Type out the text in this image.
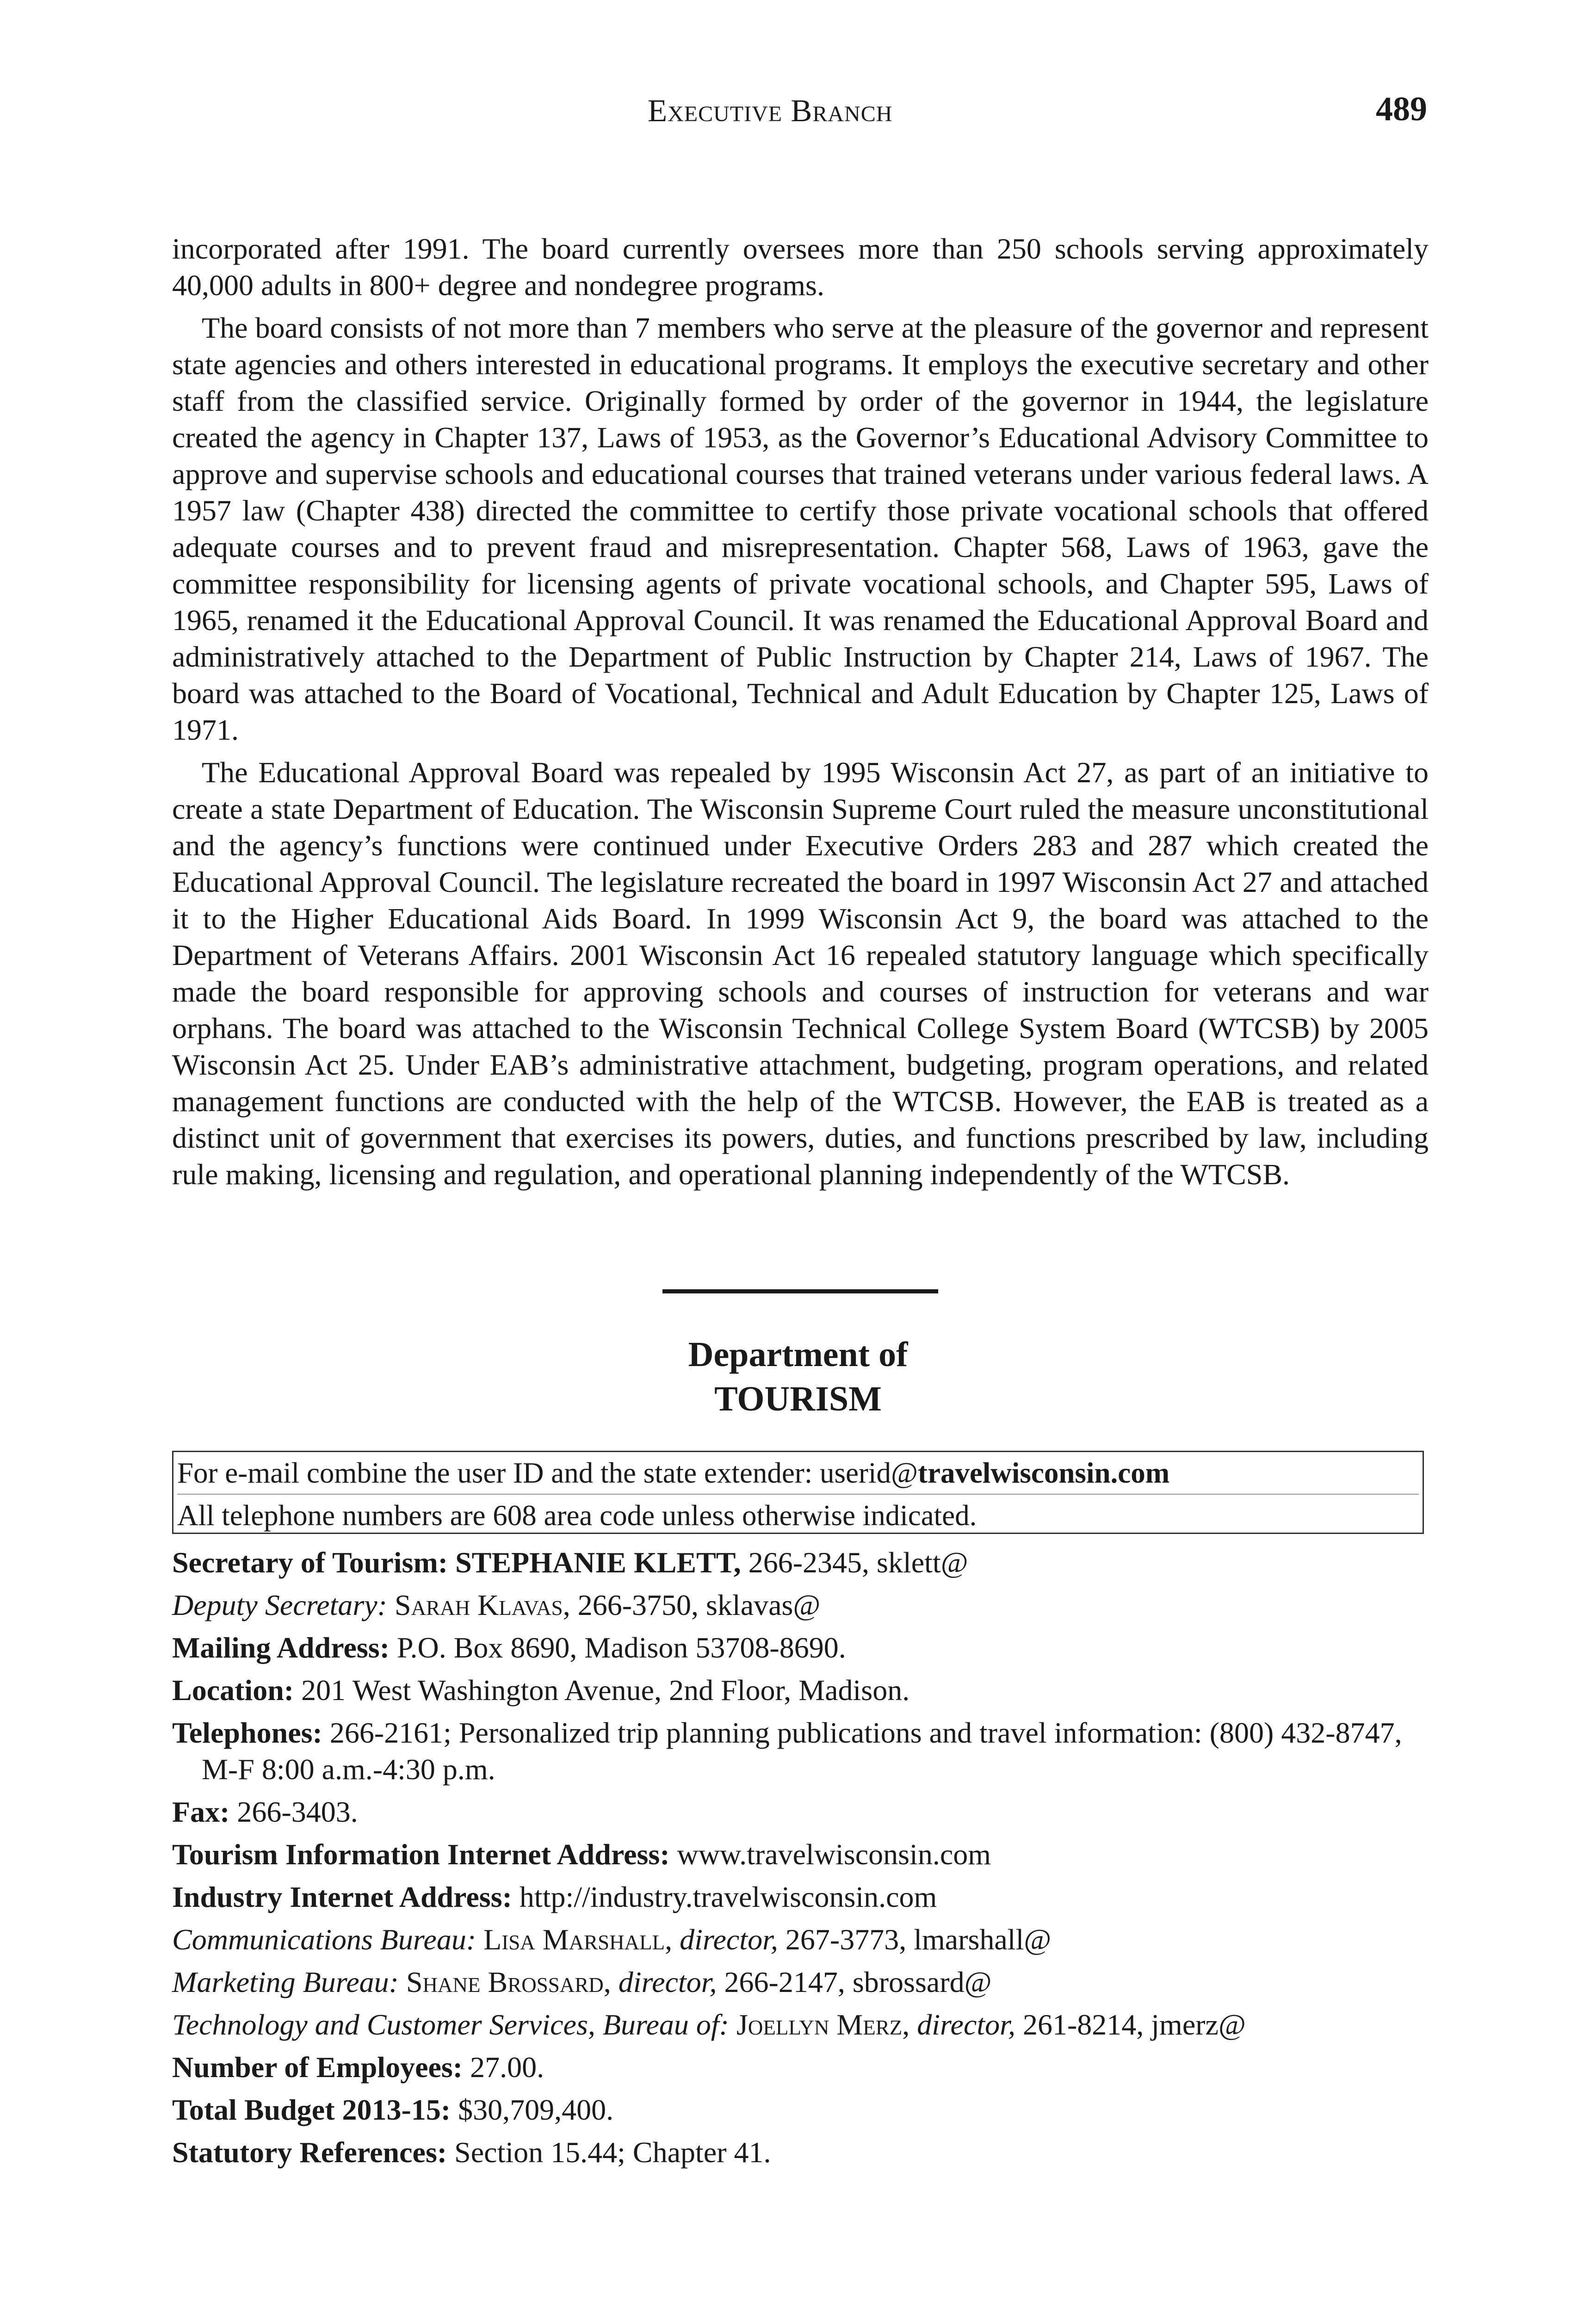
Executive Branch	489

incorporated after 1991. The board currently oversees more than 250 schools serving approximately 40,000 adults in 800+ degree and nondegree programs.

The board consists of not more than 7 members who serve at the pleasure of the governor and represent state agencies and others interested in educational programs. It employs the executive secretary and other staff from the classified service. Originally formed by order of the governor in 1944, the legislature created the agency in Chapter 137, Laws of 1953, as the Governor’s Educational Advisory Committee to approve and supervise schools and educational courses that trained veterans under various federal laws. A 1957 law (Chapter 438) directed the committee to certify those private vocational schools that offered adequate courses and to prevent fraud and misrepresentation. Chapter 568, Laws of 1963, gave the committee responsibility for licensing agents of private vocational schools, and Chapter 595, Laws of 1965, renamed it the Educational Approval Council. It was renamed the Educational Approval Board and administratively attached to the Department of Public Instruction by Chapter 214, Laws of 1967. The board was attached to the Board of Vocational, Technical and Adult Education by Chapter 125, Laws of 1971.

The Educational Approval Board was repealed by 1995 Wisconsin Act 27, as part of an initiative to create a state Department of Education. The Wisconsin Supreme Court ruled the measure unconstitutional and the agency’s functions were continued under Executive Orders 283 and 287 which created the Educational Approval Council. The legislature recreated the board in 1997 Wisconsin Act 27 and attached it to the Higher Educational Aids Board. In 1999 Wisconsin Act 9, the board was attached to the Department of Veterans Affairs. 2001 Wisconsin Act 16 repealed statutory language which specifically made the board responsible for approving schools and courses of instruction for veterans and war orphans. The board was attached to the Wisconsin Technical College System Board (WTCSB) by 2005 Wisconsin Act 25. Under EAB’s administrative attachment, budgeting, program operations, and related management functions are conducted with the help of the WTCSB. However, the EAB is treated as a distinct unit of government that exercises its powers, duties, and functions prescribed by law, including rule making, licensing and regulation, and operational planning independently of the WTCSB.

Department of
TOURISM
For e-mail combine the user ID and the state extender: userid@travelwisconsin.com
All telephone numbers are 608 area code unless otherwise indicated.

Secretary of Tourism: STEPHANIE KLETT, 266-2345, sklett@

Deputy Secretary: Sarah Klavas, 266-3750, sklavas@

Mailing Address: P.O. Box 8690, Madison 53708-8690.

Location: 201 West Washington Avenue, 2nd Floor, Madison.

Telephones: 266-2161; Personalized trip planning publications and travel information: (800) 432-8747, M-F 8:00 a.m.-4:30 p.m.

Fax: 266-3403.

Tourism Information Internet Address: www.travelwisconsin.com

Industry Internet Address: http://industry.travelwisconsin.com

Communications Bureau: Lisa Marshall, director, 267-3773, lmarshall@

Marketing Bureau: Shane Brossard, director, 266-2147, sbrossard@

Technology and Customer Services, Bureau of: Joellyn Merz, director, 261-8214, jmerz@

Number of Employees: 27.00.

Total Budget 2013-15: $30,709,400.

Statutory References: Section 15.44; Chapter 41.
